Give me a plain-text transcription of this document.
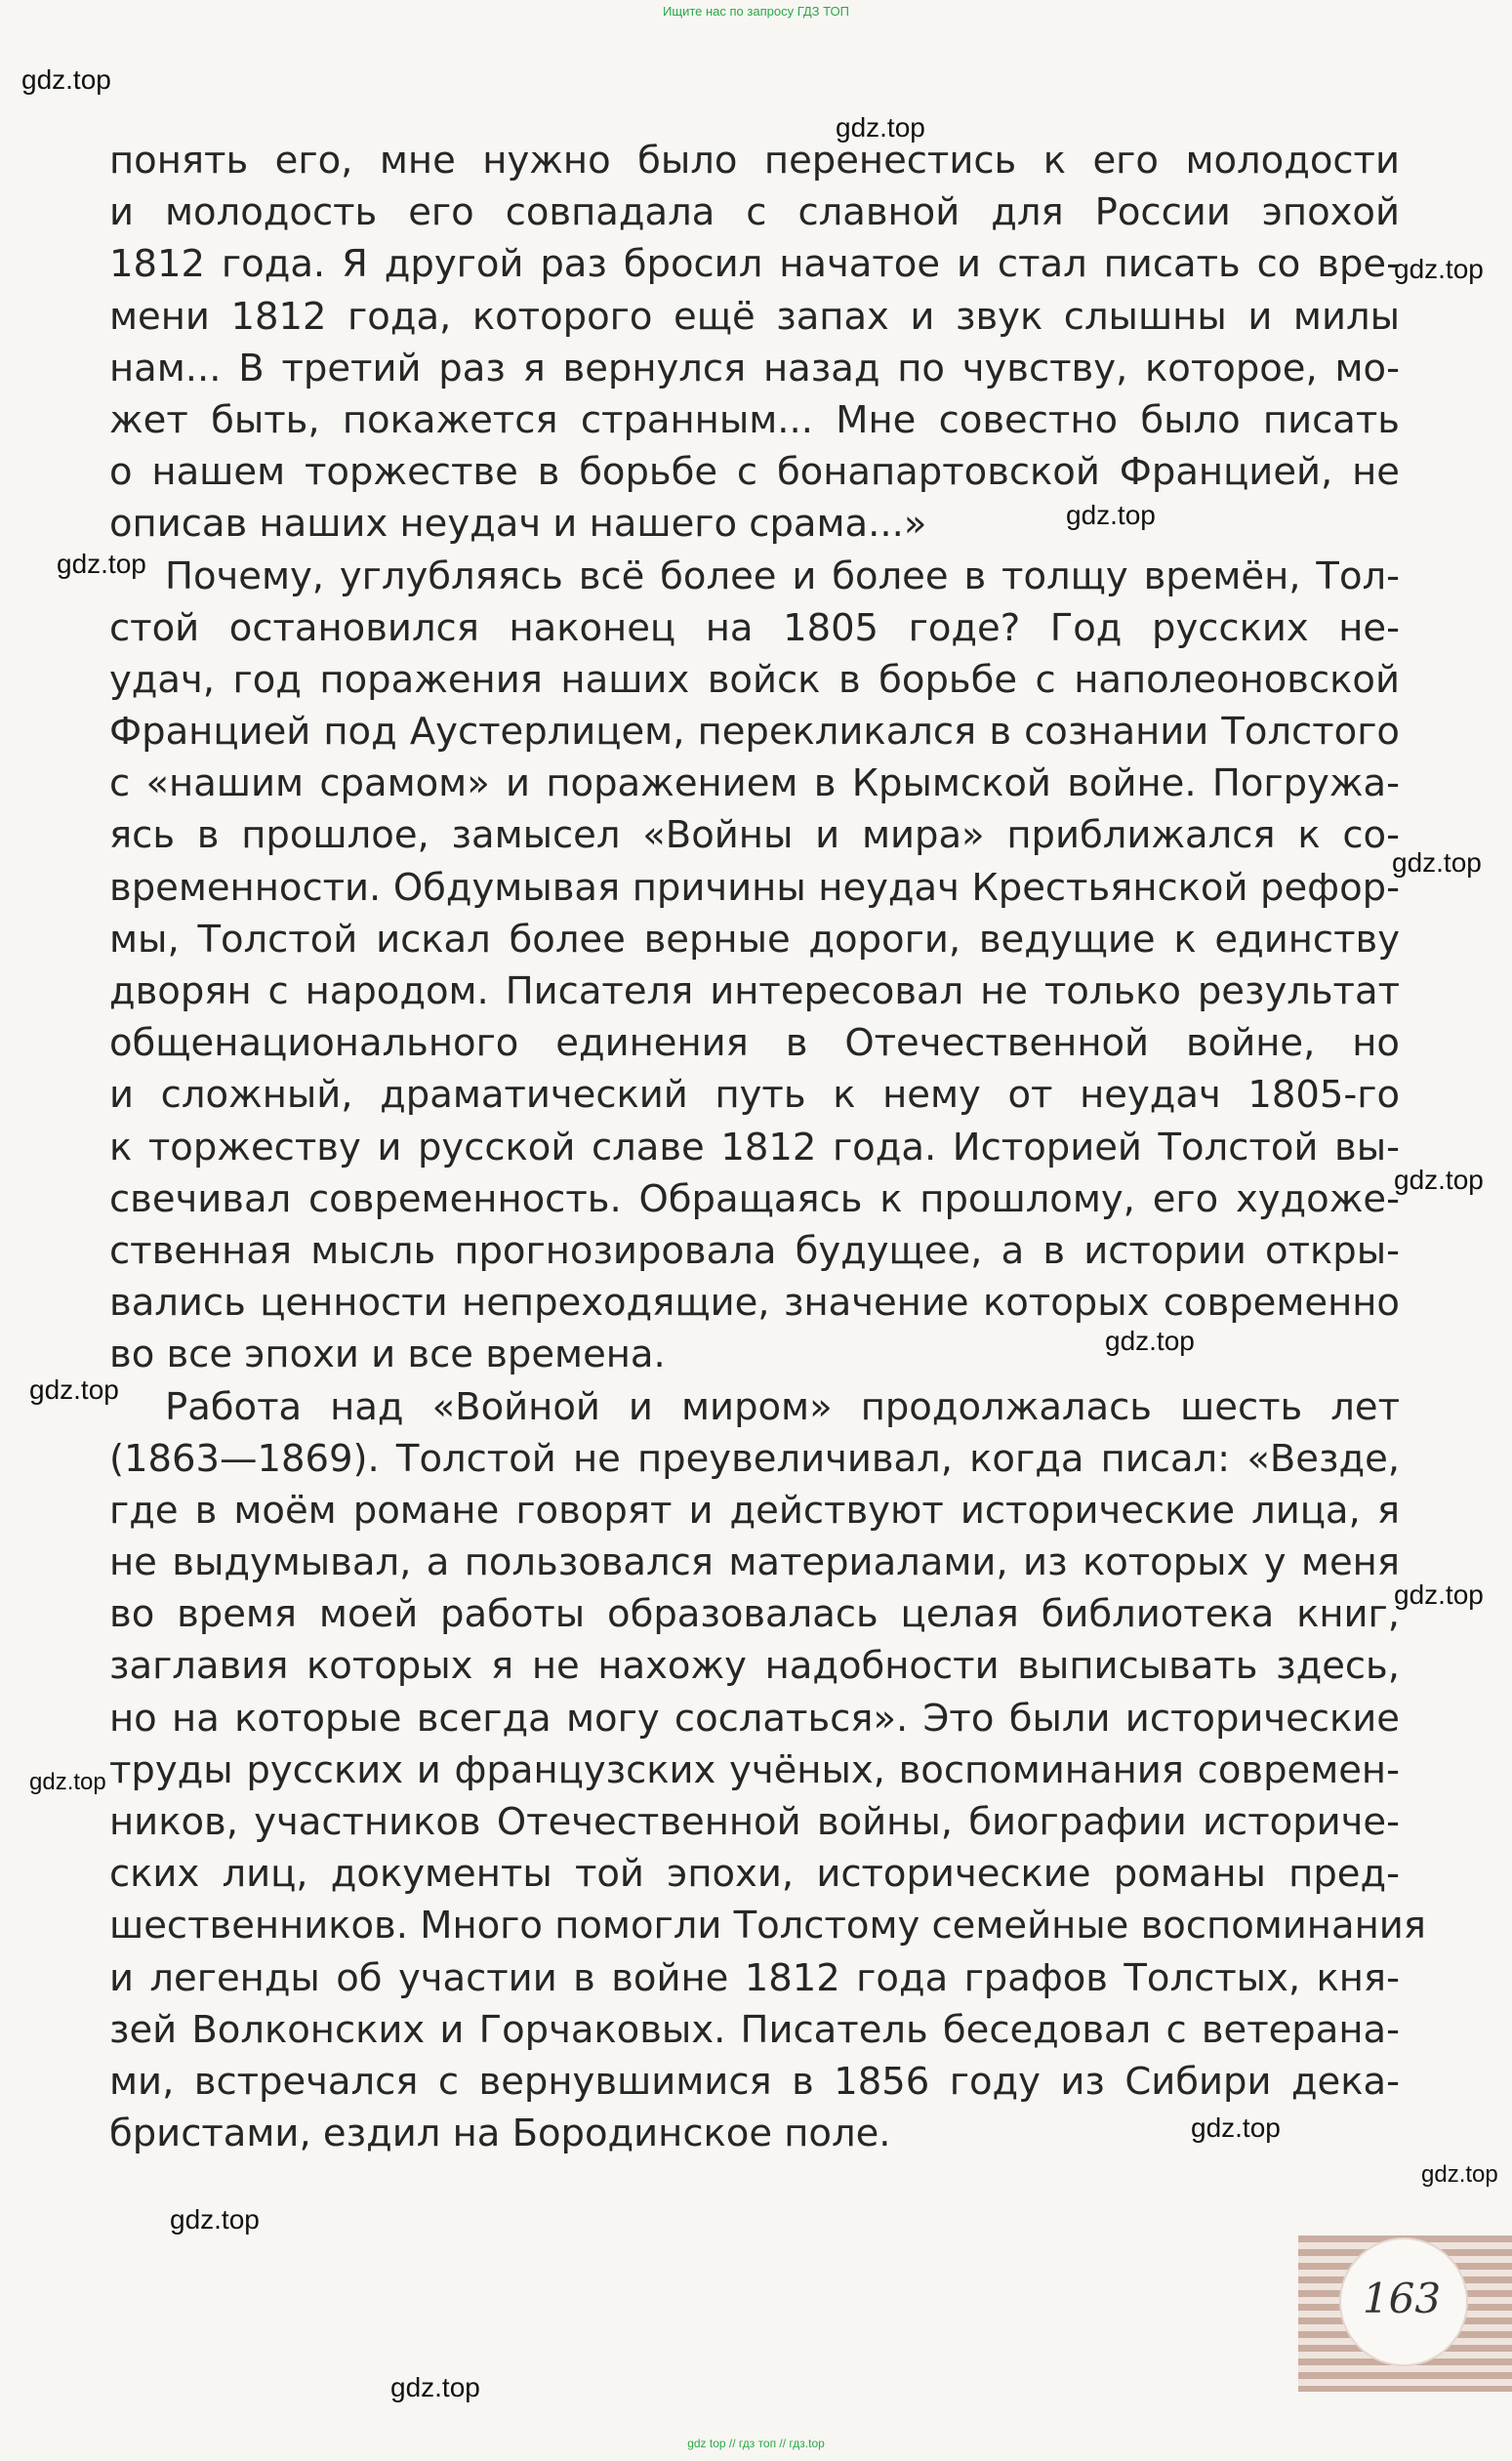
Ищите нас по запросу ГДЗ ТОП
gdz.top
gdz.top
gdz.top
gdz.top
gdz.top
gdz.top
gdz.top
gdz.top
gdz.top
gdz.top
gdz.top
gdz.top
gdz.top
gdz.top
gdz.top
понять его, мне нужно было перенестись к его молодости
и молодость его совпадала с славной для России эпохой
1812 года. Я другой раз бросил начатое и стал писать со вре-
мени 1812 года, которого ещё запах и звук слышны и милы
нам... В третий раз я вернулся назад по чувству, которое, мо-
жет быть, покажется странным... Мне совестно было писать
о нашем торжестве в борьбе с бонапартовской Францией, не
описав наших неудач и нашего срама...»
Почему, углубляясь всё более и более в толщу времён, Тол-
стой остановился наконец на 1805 годе? Год русских не-
удач, год поражения наших войск в борьбе с наполеоновской
Францией под Аустерлицем, перекликался в сознании Толстого
с «нашим срамом» и поражением в Крымской войне. Погружа-
ясь в прошлое, замысел «Войны и мира» приближался к со-
временности. Обдумывая причины неудач Крестьянской рефор-
мы, Толстой искал более верные дороги, ведущие к единству
дворян с народом. Писателя интересовал не только результат
общенационального единения в Отечественной войне, но
и сложный, драматический путь к нему от неудач 1805-го
к торжеству и русской славе 1812 года. Историей Толстой вы-
свечивал современность. Обращаясь к прошлому, его художе-
ственная мысль прогнозировала будущее, а в истории откры-
вались ценности непреходящие, значение которых современно
во все эпохи и все времена.
Работа над «Войной и миром» продолжалась шесть лет
(1863—1869). Толстой не преувеличивал, когда писал: «Везде,
где в моём романе говорят и действуют исторические лица, я
не выдумывал, а пользовался материалами, из которых у меня
во время моей работы образовалась целая библиотека книг,
заглавия которых я не нахожу надобности выписывать здесь,
но на которые всегда могу сослаться». Это были исторические
труды русских и французских учёных, воспоминания современ-
ников, участников Отечественной войны, биографии историче-
ских лиц, документы той эпохи, исторические романы пред-
шественников. Много помогли Толстому семейные воспоминания
и легенды об участии в войне 1812 года графов Толстых, кня-
зей Волконских и Горчаковых. Писатель беседовал с ветерана-
ми, встречался с вернувшимися в 1856 году из Сибири дека-
бристами, ездил на Бородинское поле.
163
gdz top // гдз топ // гдз.top
